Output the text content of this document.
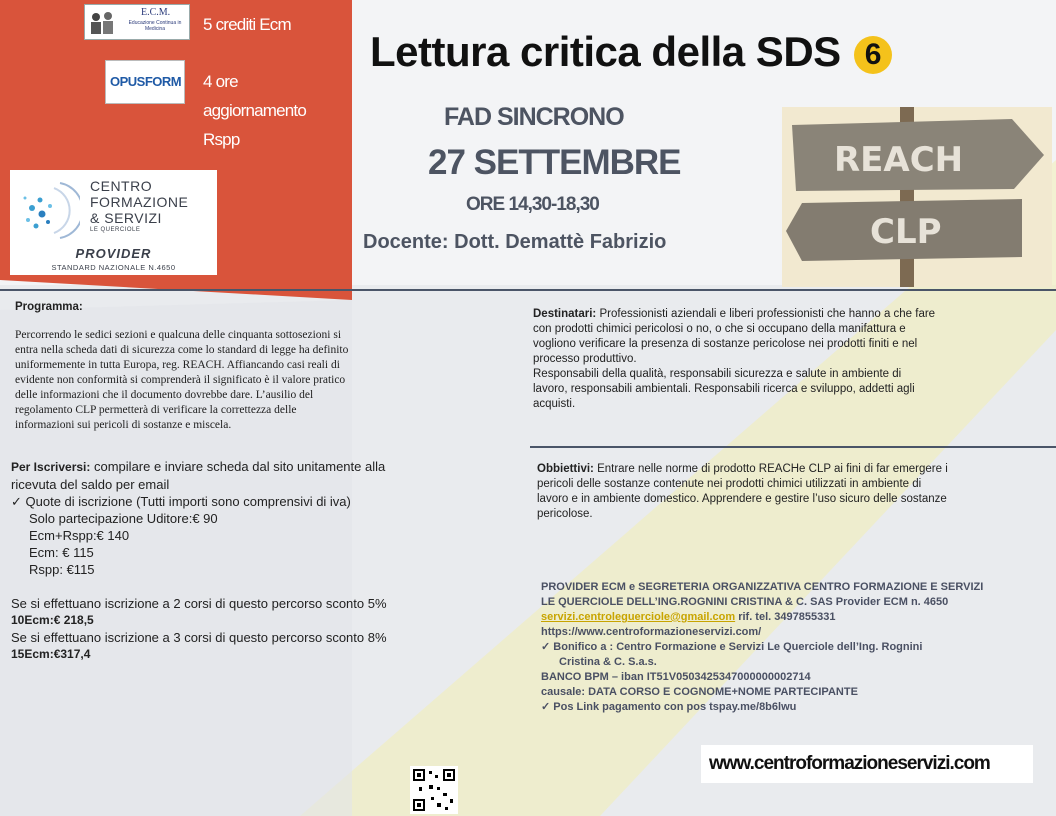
E.C.M.
Educazione Continua in Medicina
OPUSFORM
5 crediti Ecm
4 ore
aggiornamento
Rspp
CENTRO
FORMAZIONE
& SERVIZI
LE QUERCIOLE
PROVIDER
STANDARD NAZIONALE N.4650
Lettura critica della SDS 6
FAD SINCRONO
27 SETTEMBRE
ORE 14,30-18,30
Docente: Dott. Demattè Fabrizio
REACH
CLP
Programma:
Percorrendo le sedici sezioni e qualcuna delle cinquanta sottosezioni si
entra nella scheda dati di sicurezza come lo standard di legge ha definito
uniformemente in tutta Europa, reg. REACH. Affiancando casi reali di
evidente non conformità si comprenderà il significato è il valore pratico
delle informazioni che il documento dovrebbe dare. L’ausilio del
regolamento CLP permetterà di verificare la correttezza delle
informazioni sui pericoli di sostanze e miscela.
Destinatari: Professionisti aziendali e liberi professionisti che hanno a che fare
con prodotti chimici pericolosi o no, o che si occupano della manifattura e
vogliono verificare la presenza di sostanze pericolose nei prodotti finiti e nel
processo produttivo.
Responsabili della qualità, responsabili sicurezza e salute in ambiente di
lavoro, responsabili ambientali. Responsabili ricerca e sviluppo, addetti agli
acquisti.
Obbiettivi: Entrare nelle norme di prodotto REACHe CLP ai fini di far emergere i
pericoli delle sostanze contenute nei prodotti chimici utilizzati in ambiente di
lavoro e in ambiente domestico. Apprendere e gestire l’uso sicuro delle sostanze
pericolose.
Per Iscriversi: compilare e inviare scheda dal sito unitamente alla
ricevuta del saldo per email
✓ Quote di iscrizione (Tutti importi sono comprensivi di iva)
Solo partecipazione Uditore:€ 90
Ecm+Rspp:€ 140
Ecm: € 115
Rspp: €115
Se si effettuano iscrizione a 2 corsi di questo percorso sconto 5%
10Ecm:€ 218,5
Se si effettuano iscrizione a 3 corsi di questo percorso sconto 8%
15Ecm:€317,4
PROVIDER ECM e SEGRETERIA ORGANIZZATIVA CENTRO FORMAZIONE E SERVIZI
LE QUERCIOLE DELL’ING.ROGNINI CRISTINA & C. SAS Provider ECM n. 4650
servizi.centroleguerciole@gmail.com rif. tel. 3497855331
https://www.centroformazioneservizi.com/
✓ Bonifico a : Centro Formazione e Servizi Le Querciole dell’Ing. Rognini
Cristina & C. S.a.s.
BANCO BPM – iban IT51V0503425347000000002714
causale: DATA CORSO E COGNOME+NOME PARTECIPANTE
✓ Pos Link pagamento con pos tspay.me/8b6lwu
www.centroformazioneservizi.com
